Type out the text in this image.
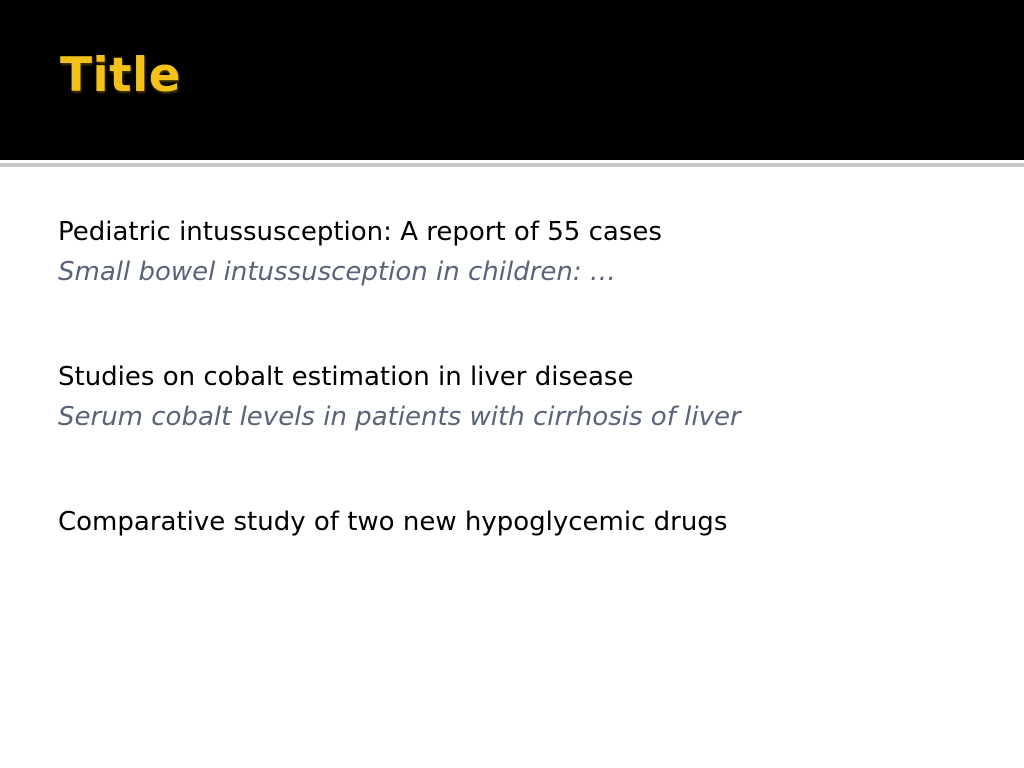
Title
Pediatric intussusception: A report of 55 cases
Small bowel intussusception in children: …
Studies on cobalt estimation in liver disease
Serum cobalt levels in patients with cirrhosis of liver
Comparative study of two new hypoglycemic drugs
